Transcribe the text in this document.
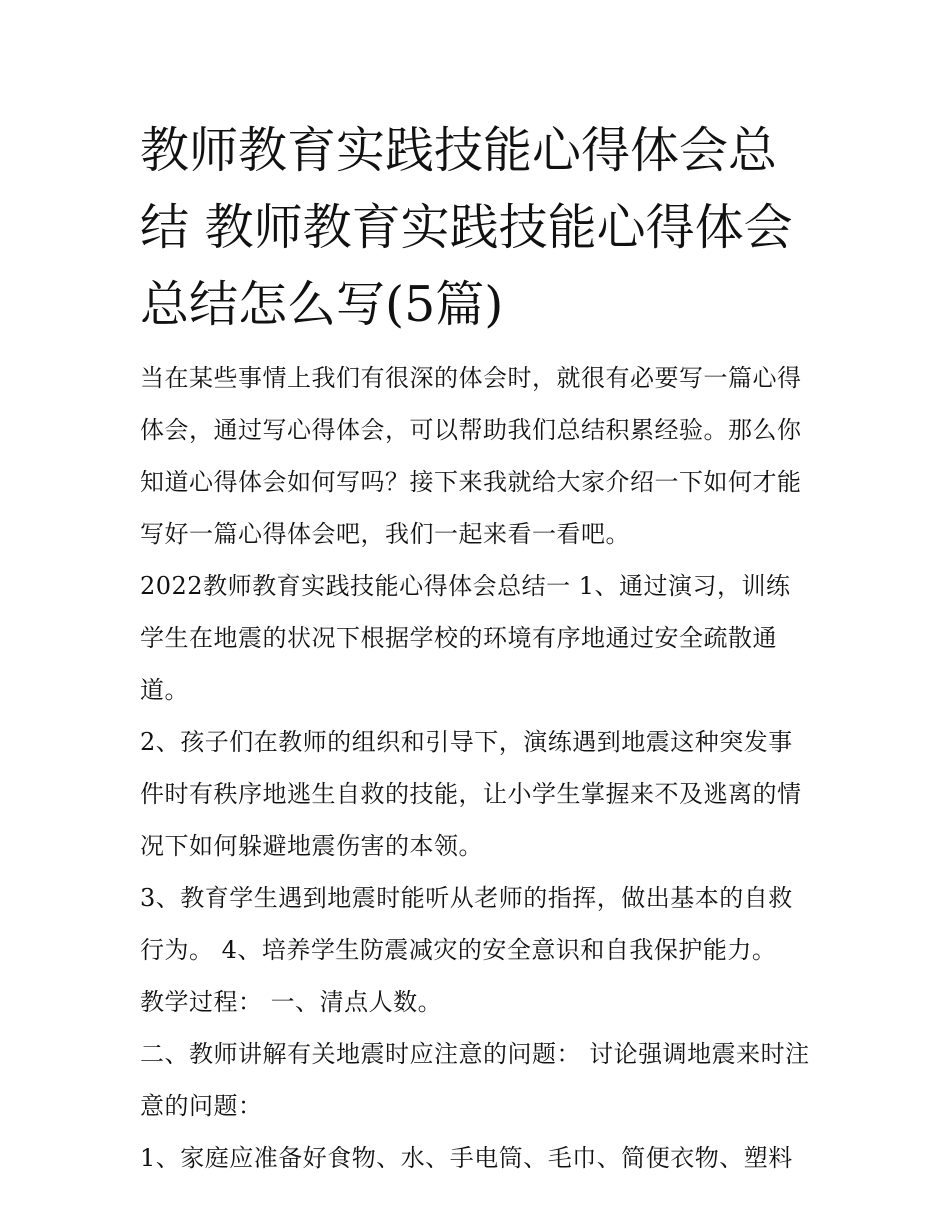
教师教育实践技能心得体会总结 教师教育实践技能心得体会总结怎么写(5篇)

当在某些事情上我们有很深的体会时，就很有必要写一篇心得体会，通过写心得体会，可以帮助我们总结积累经验。那么你知道心得体会如何写吗？接下来我就给大家介绍一下如何才能写好一篇心得体会吧，我们一起来看一看吧。

2022教师教育实践技能心得体会总结一 1、通过演习，训练学生在地震的状况下根据学校的环境有序地通过安全疏散通道。

2、孩子们在教师的组织和引导下，演练遇到地震这种突发事件时有秩序地逃生自救的技能，让小学生掌握来不及逃离的情况下如何躲避地震伤害的本领。

3、教育学生遇到地震时能听从老师的指挥，做出基本的自救行为。 4、培养学生防震减灾的安全意识和自我保护能力。

教学过程： 一、清点人数。

二、教师讲解有关地震时应注意的问题： 讨论强调地震来时注意的问题：

1、家庭应准备好食物、水、手电筒、毛巾、简便衣物、塑料
